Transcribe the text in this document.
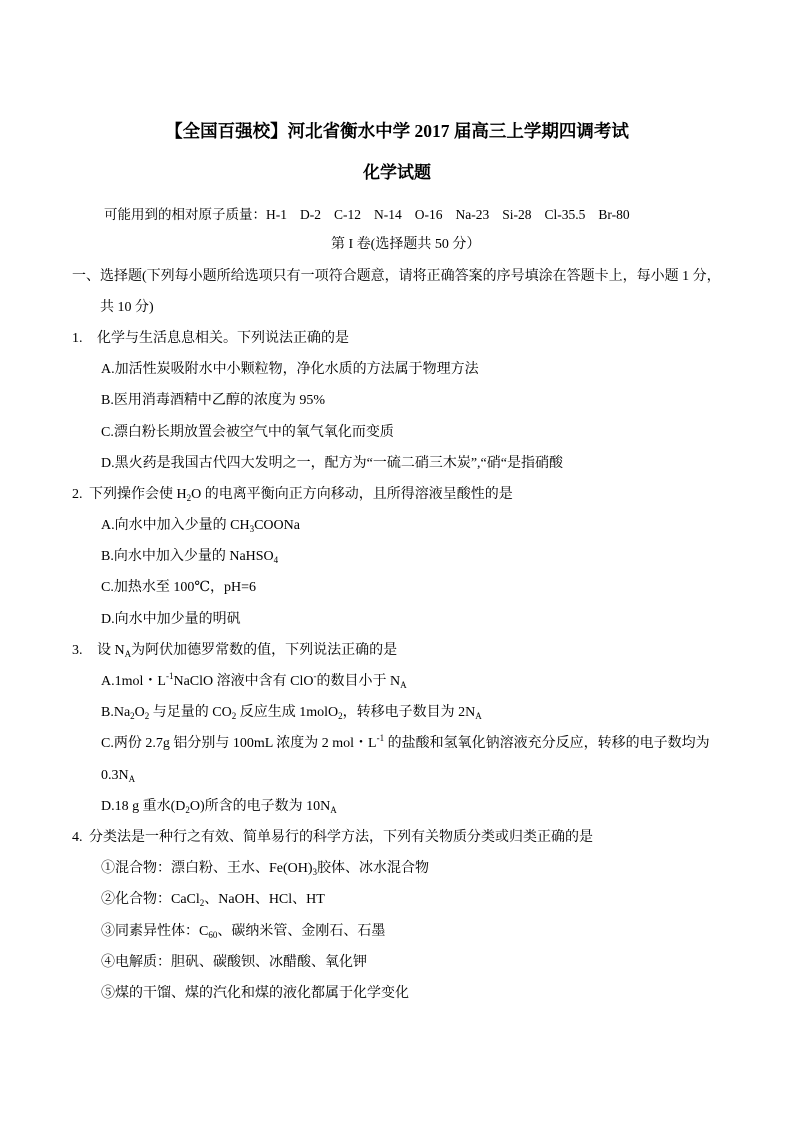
【全国百强校】河北省衡水中学 2017 届高三上学期四调考试
化学试题
可能用到的相对原子质量：H-1 D-2 C-12 N-14 O-16 Na-23 Si-28 Cl-35.5 Br-80
第 I 卷(选择题共 50 分）
一、选择题(下列每小题所给选项只有一项符合题意，请将正确答案的序号填涂在答题卡上，每小题 1 分，
共 10 分)
1. 化学与生活息息相关。下列说法正确的是
A.加活性炭吸附水中小颗粒物，净化水质的方法属于物理方法
B.医用消毒酒精中乙醇的浓度为 95%
C.漂白粉长期放置会被空气中的氧气氧化而变质
D.黑火药是我国古代四大发明之一，配方为“一硫二硝三木炭”,“硝“是指硝酸
2. 下列操作会使 $H_2O$ 的电离平衡向正方向移动，且所得溶液呈酸性的是
A.向水中加入少量的 $CH_3COONa$
B.向水中加入少量的 NaHSO$_4$
C.加热水至 100℃，pH=6
D.向水中加少量的明矾
3. 设 $N_A$为阿伏加德罗常数的值，下列说法正确的是
A.1mol・$L^{-1}NaClO$ 溶液中含有 ClO-的数目小于 $N_A$
$B.Na_2O_2$ 与足量的 $CO_2$ 反应生成 1molO$_2$，转移电子数目为 $2N_A$
C.两份 2.7g 铝分别与 100mL 浓度为 2 mol・$L^{-1}$ 的盐酸和氢氧化钠溶液充分反应，转移的电子数均为
$0.3N_A$
D.18 g 重水$(D_2O)$所含的电子数为 $10N_A$
4. 分类法是一种行之有效、简单易行的科学方法，下列有关物质分类或归类正确的是
①混合物：漂白粉、王水、$Fe(OH)_3$胶体、冰水混合物
②化合物：CaCl$_2$、NaOH、HCl、HT
③同素异性体：$C_{60}$、碳纳米管、金刚石、石墨
④电解质：胆矾、碳酸钡、冰醋酸、氧化钾
⑤煤的干馏、煤的汽化和煤的液化都属于化学变化
